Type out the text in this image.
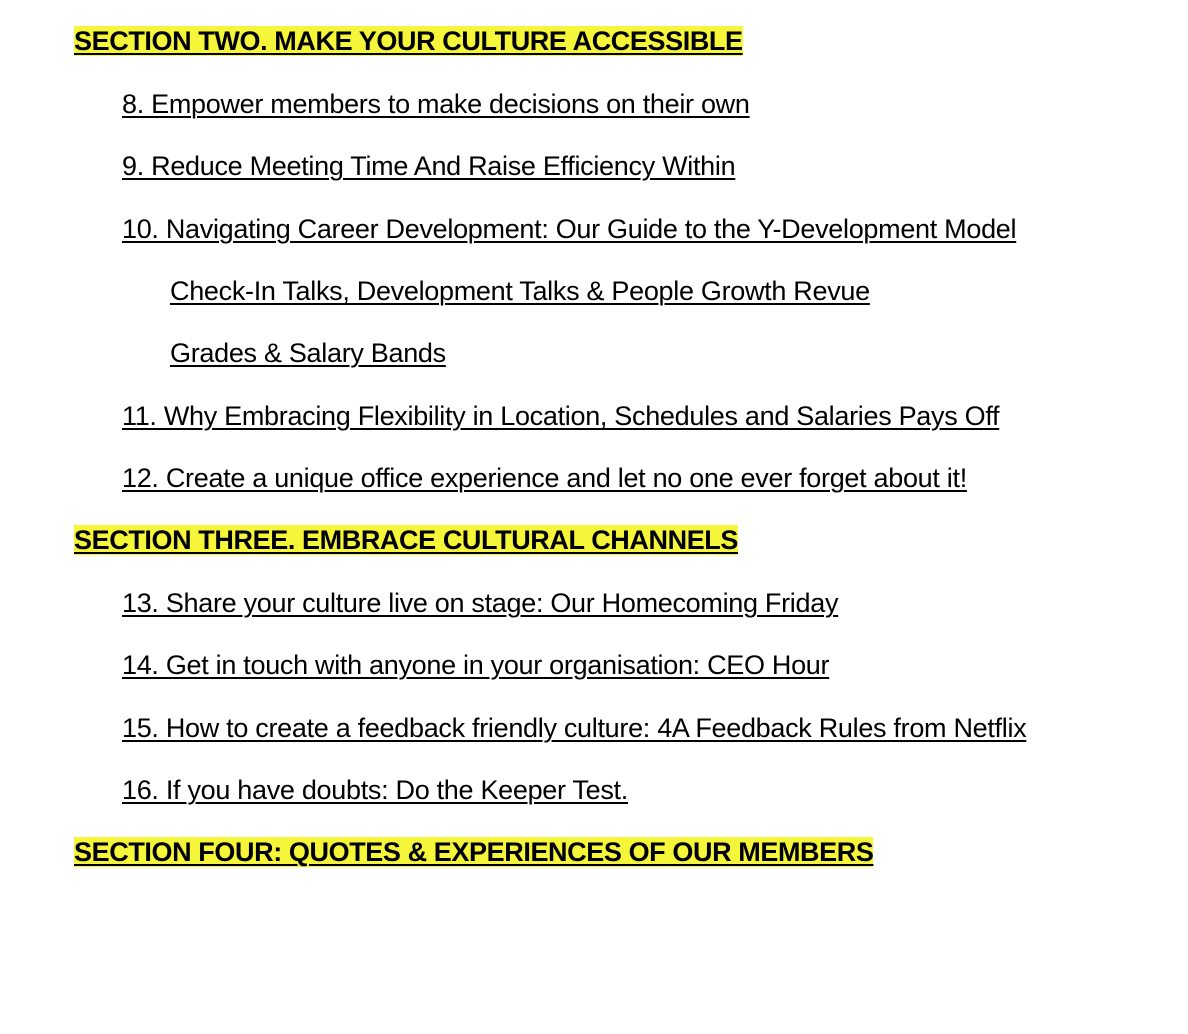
SECTION TWO. MAKE YOUR CULTURE ACCESSIBLE
8. Empower members to make decisions on their own
9. Reduce Meeting Time And Raise Efficiency Within
10. Navigating Career Development: Our Guide to the Y-Development Model
Check-In Talks, Development Talks & People Growth Revue
Grades & Salary Bands
11. Why Embracing Flexibility in Location, Schedules and Salaries Pays Off
12. Create a unique office experience and let no one ever forget about it!
SECTION THREE. EMBRACE CULTURAL CHANNELS
13. Share your culture live on stage: Our Homecoming Friday
14. Get in touch with anyone in your organisation: CEO Hour
15. How to create a feedback friendly culture: 4A Feedback Rules from Netflix
16. If you have doubts: Do the Keeper Test.
SECTION FOUR: QUOTES & EXPERIENCES OF OUR MEMBERS
